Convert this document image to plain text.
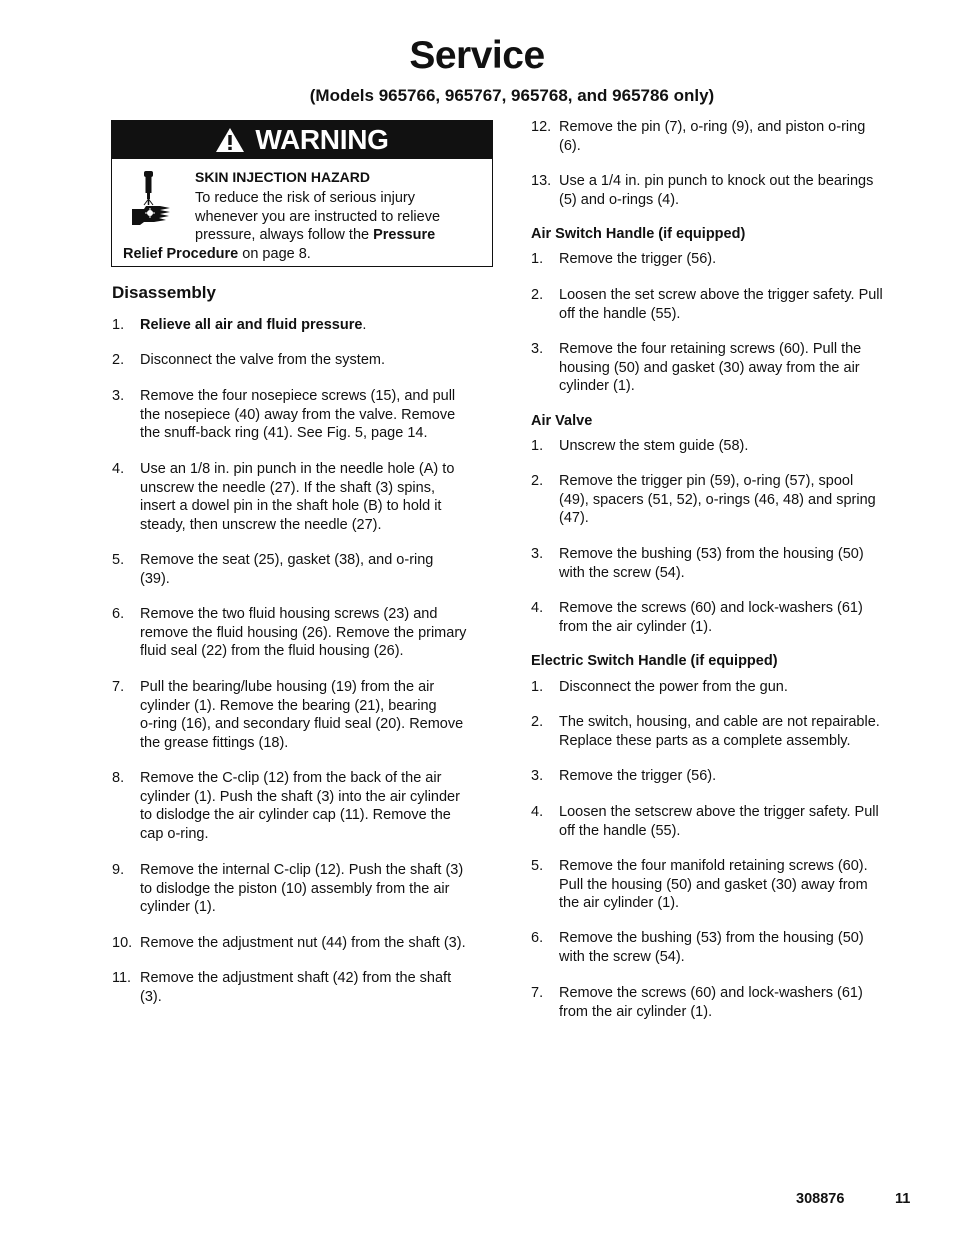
Service
(Models 965766, 965767, 965768, and 965786 only)
WARNING
SKIN INJECTION HAZARD
To reduce the risk of serious injury
whenever you are instructed to relieve
pressure, always follow the Pressure
Relief Procedure on page 8.
Disassembly
1. Relieve all air and fluid pressure.
2. Disconnect the valve from the system.
3. Remove the four nosepiece screws (15), and pull
the nosepiece (40) away from the valve. Remove
the snuff-back ring (41). See Fig. 5, page 14.
4. Use an 1/8 in. pin punch in the needle hole (A) to
unscrew the needle (27). If the shaft (3) spins,
insert a dowel pin in the shaft hole (B) to hold it
steady, then unscrew the needle (27).
5. Remove the seat (25), gasket (38), and o-ring
(39).
6. Remove the two fluid housing screws (23) and
remove the fluid housing (26). Remove the primary
fluid seal (22) from the fluid housing (26).
7. Pull the bearing/lube housing (19) from the air
cylinder (1). Remove the bearing (21), bearing
o-ring (16), and secondary fluid seal (20). Remove
the grease fittings (18).
8. Remove the C-clip (12) from the back of the air
cylinder (1). Push the shaft (3) into the air cylinder
to dislodge the air cylinder cap (11). Remove the
cap o-ring.
9. Remove the internal C-clip (12). Push the shaft (3)
to dislodge the piston (10) assembly from the air
cylinder (1).
10. Remove the adjustment nut (44) from the shaft (3).
11. Remove the adjustment shaft (42) from the shaft
(3).
12. Remove the pin (7), o-ring (9), and piston o-ring
(6).
13. Use a 1/4 in. pin punch to knock out the bearings
(5) and o-rings (4).
1. Remove the trigger (56).
2. Loosen the set screw above the trigger safety. Pull
off the handle (55).
3. Remove the four retaining screws (60). Pull the
housing (50) and gasket (30) away from the air
cylinder (1).
1. Unscrew the stem guide (58).
2. Remove the trigger pin (59), o-ring (57), spool
(49), spacers (51, 52), o-rings (46, 48) and spring
(47).
3. Remove the bushing (53) from the housing (50)
with the screw (54).
4. Remove the screws (60) and lock-washers (61)
from the air cylinder (1).
1. Disconnect the power from the gun.
2. The switch, housing, and cable are not repairable.
Replace these parts as a complete assembly.
3. Remove the trigger (56).
4. Loosen the setscrew above the trigger safety. Pull
off the handle (55).
5. Remove the four manifold retaining screws (60).
Pull the housing (50) and gasket (30) away from
the air cylinder (1).
6. Remove the bushing (53) from the housing (50)
with the screw (54).
7. Remove the screws (60) and lock-washers (61)
from the air cylinder (1).
Air Switch Handle (if equipped)
Air Valve
Electric Switch Handle (if equipped)
308876	11
